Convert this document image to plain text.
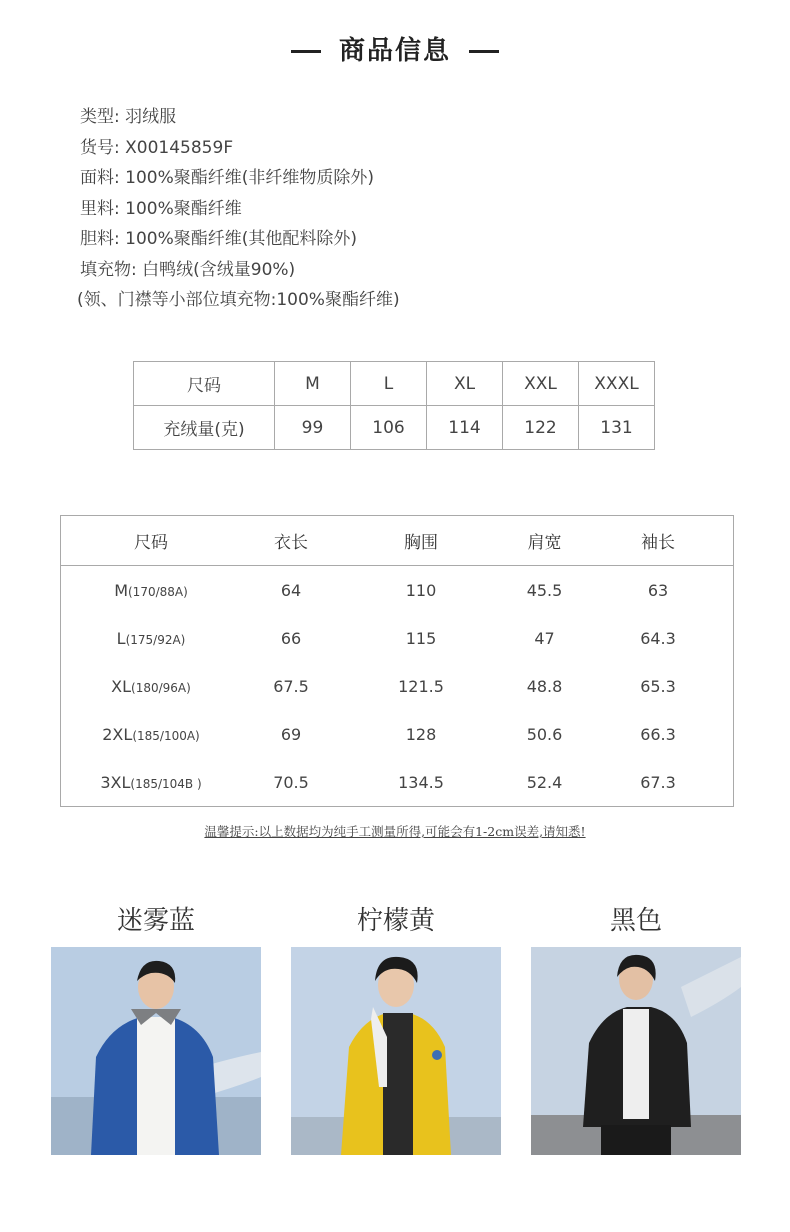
商品信息
类型: 羽绒服
货号: X00145859F
面料: 100%聚酯纤维(非纤维物质除外)
里料: 100%聚酯纤维
胆料: 100%聚酯纤维(其他配料除外)
填充物: 白鸭绒(含绒量90%)
(领、门襟等小部位填充物:100%聚酯纤维)
尺码	M	L	XL	XXL	XXXL
充绒量(克)	99	106	114	122	131
尺码	衣长	胸围	肩宽	袖长
M(170/88A)	64	110	45.5	63
L(175/92A)	66	115	47	64.3
XL(180/96A)	67.5	121.5	48.8	65.3
2XL(185/100A)	69	128	50.6	66.3
3XL(185/104B )	70.5	134.5	52.4	67.3
温馨提示:以上数据均为纯手工测量所得,可能会有1-2cm误差,请知悉!
迷雾蓝	柠檬黄	黑色
